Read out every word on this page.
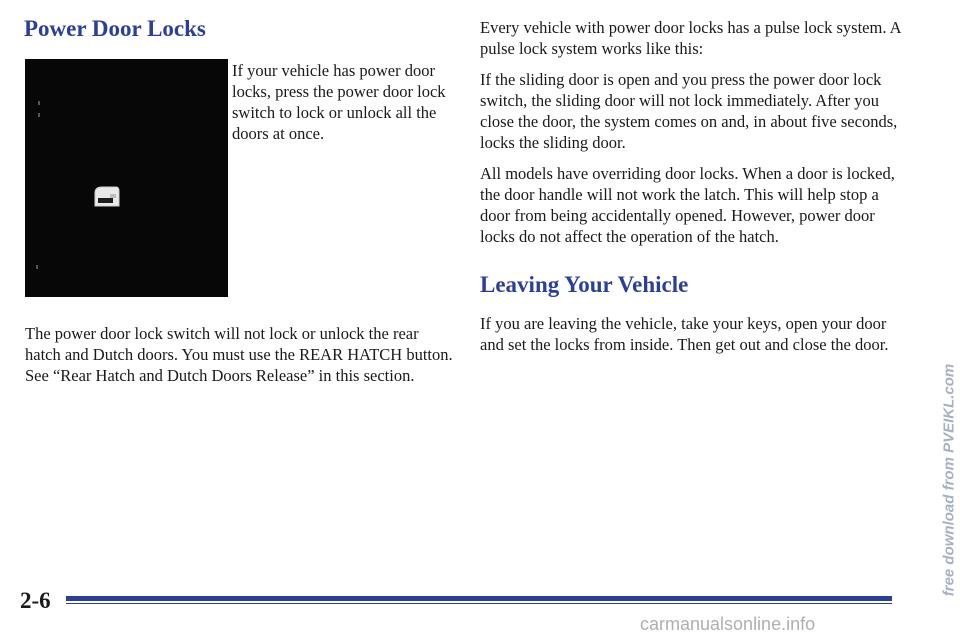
Power Door Locks

If your vehicle has power door locks, press the power door lock switch to lock or unlock all the doors at once.

The power door lock switch will not lock or unlock the rear hatch and Dutch doors. You must use the REAR HATCH button. See “Rear Hatch and Dutch Doors Release” in this section.

Every vehicle with power door locks has a pulse lock system. A pulse lock system works like this:

If the sliding door is open and you press the power door lock switch, the sliding door will not lock immediately. After you close the door, the system comes on and, in about five seconds, locks the sliding door.

All models have overriding door locks. When a door is locked, the door handle will not work the latch. This will help stop a door from being accidentally opened. However, power door locks do not affect the operation of the hatch.

Leaving Your Vehicle

If you are leaving the vehicle, take your keys, open your door and set the locks from inside. Then get out and close the door.

2-6
free download from PVEIKL.com
carmanualsonline.info
